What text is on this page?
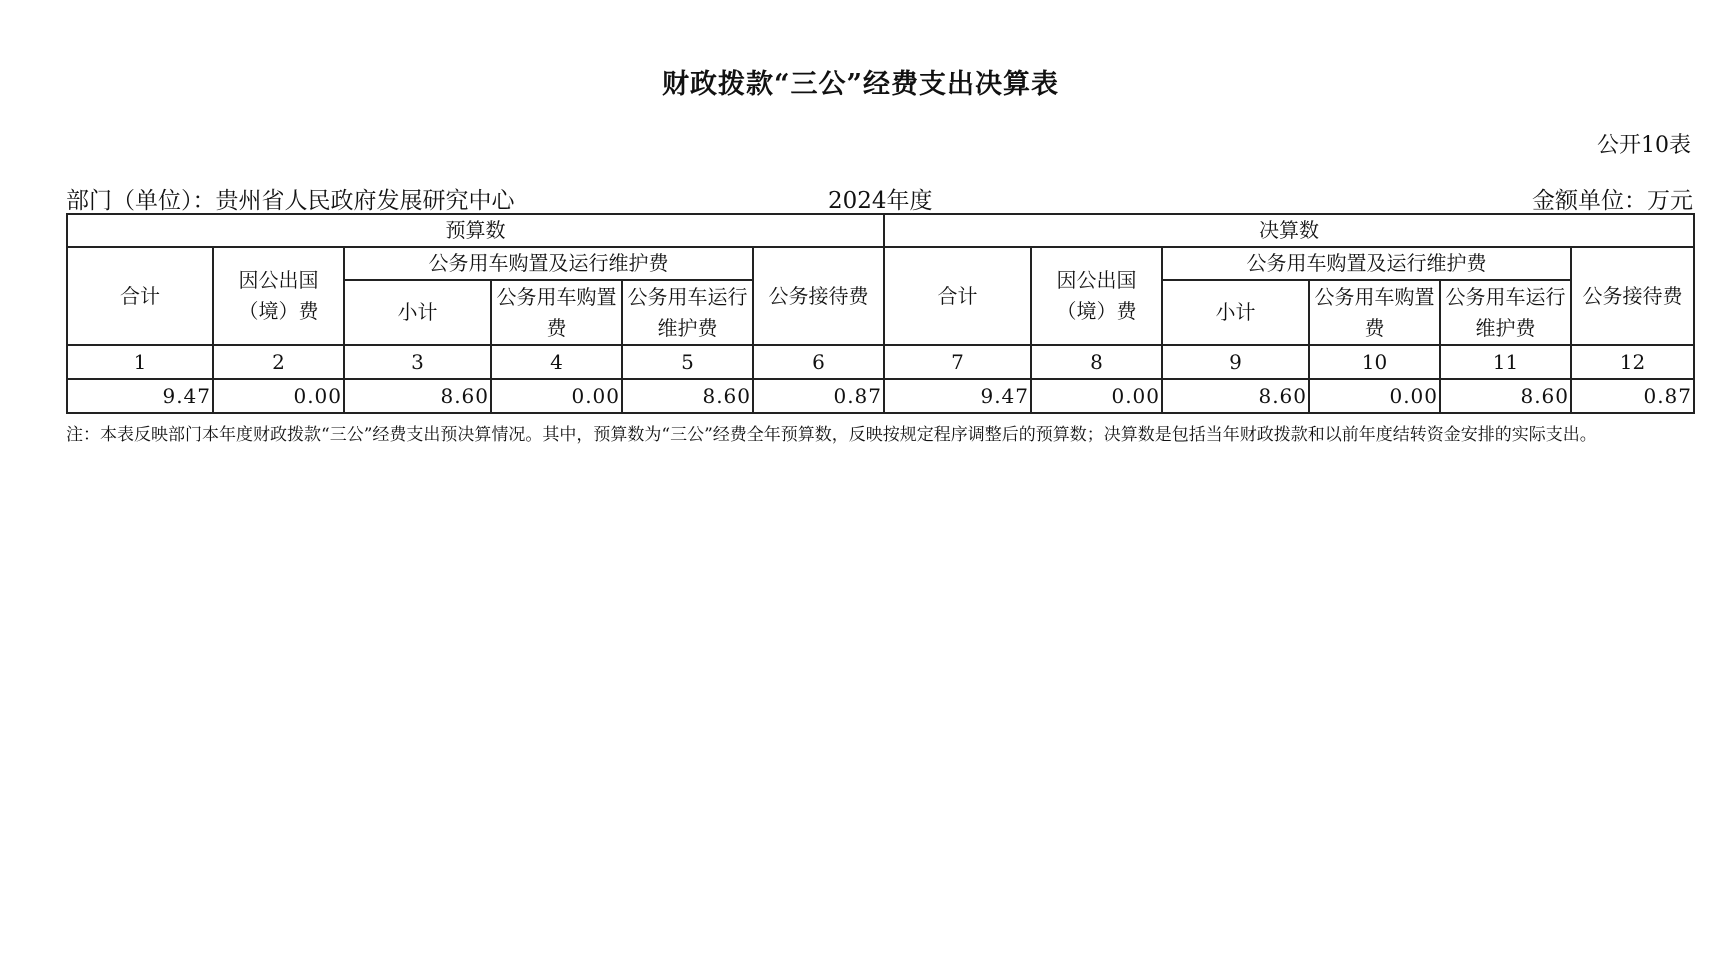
财政拨款“三公”经费支出决算表
公开10表
部门（单位）：贵州省人民政府发展研究中心	2024年度	金额单位：万元
预算数						决算数					
合计	因公出国（境）费	公务用车购置及运行维护费			公务接待费	合计	因公出国（境）费	公务用车购置及运行维护费			公务接待费
		小计	公务用车购置费	公务用车运行维护费				小计	公务用车购置费	公务用车运行维护费	
1	2	3	4	5	6	7	8	9	10	11	12
9.47	0.00	8.60	0.00	8.60	0.87	9.47	0.00	8.60	0.00	8.60	0.87
注：本表反映部门本年度财政拨款“三公”经费支出预决算情况。其中，预算数为“三公”经费全年预算数，反映按规定程序调整后的预算数；决算数是包括当年财政拨款和以前年度结转资金安排的实际支出。
